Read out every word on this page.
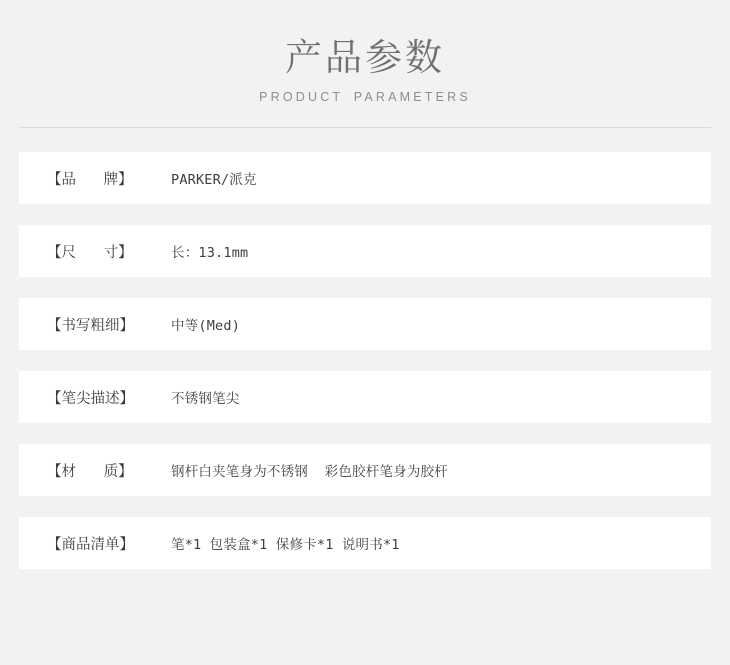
产品参数
PRODUCT PARAMETERS
【品      牌】	PARKER/派克
【尺      寸】	长：13.1mm
【书写粗细】	中等(Med)
【笔尖描述】	不锈钢笔尖
【材      质】	钢杆白夹笔身为不锈钢  彩色胶杆笔身为胶杆
【商品清单】	笔*1 包装盒*1 保修卡*1 说明书*1
